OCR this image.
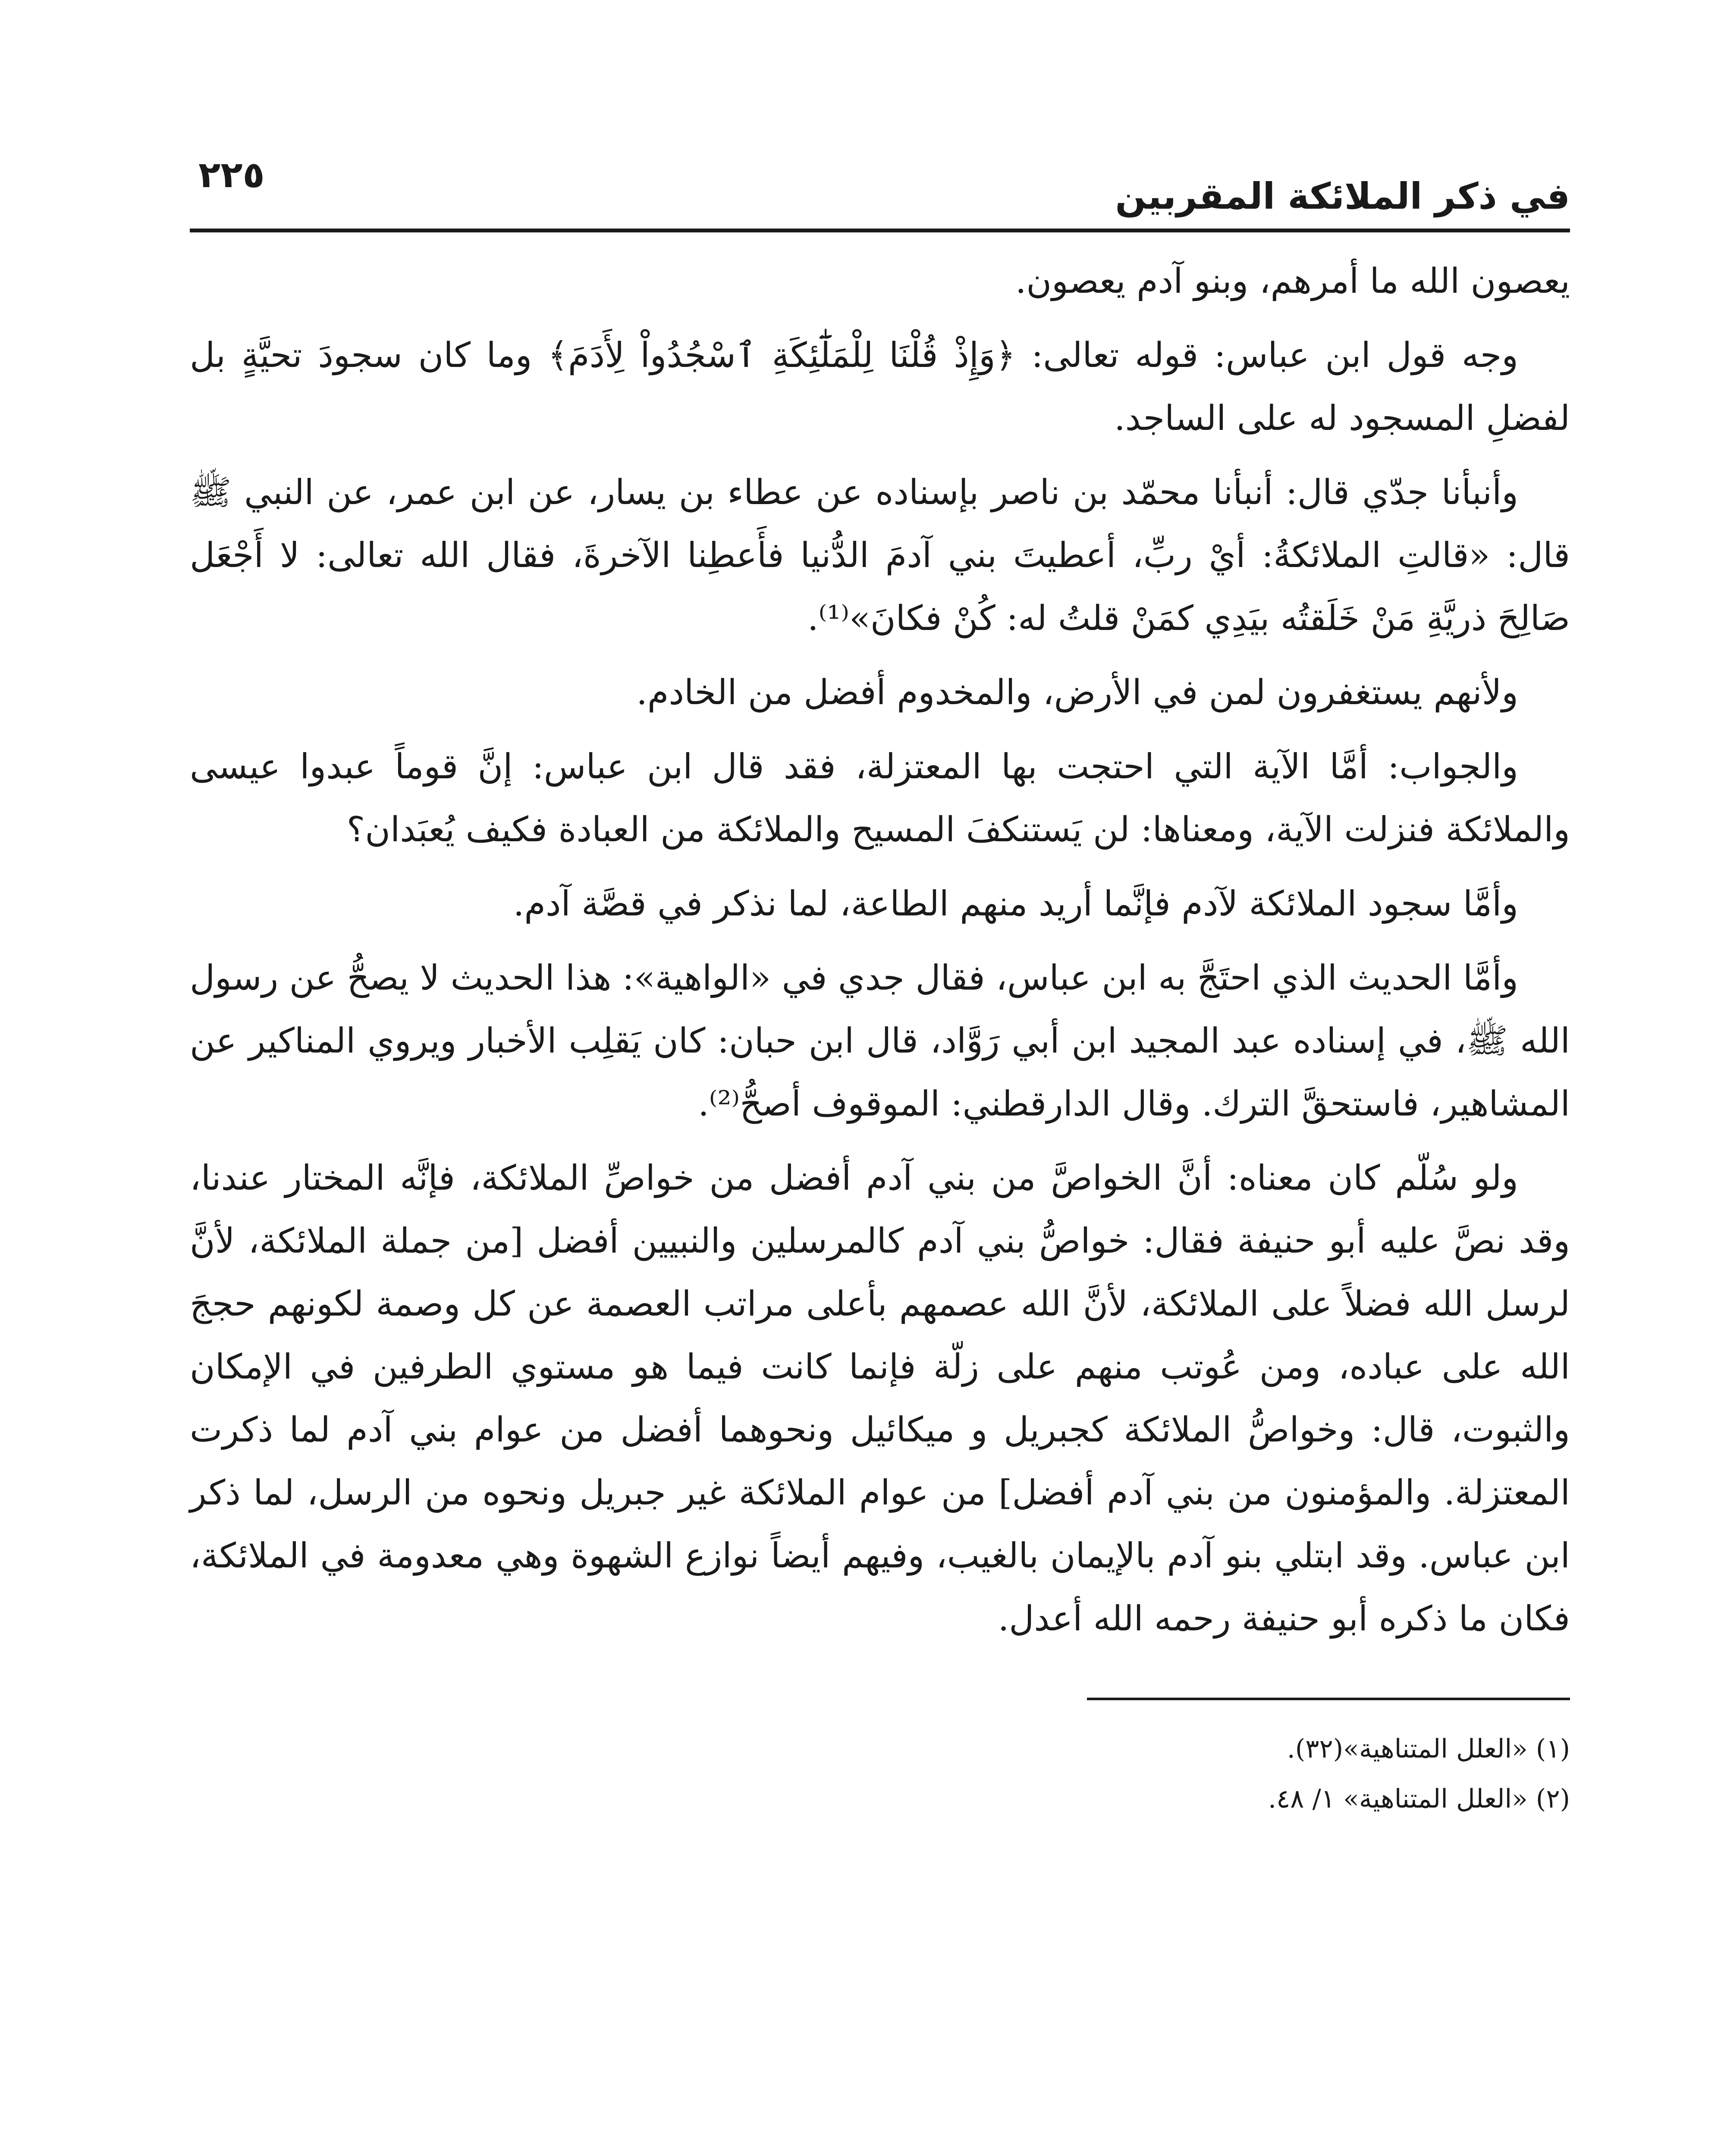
في ذكر الملائكة المقربين
٢٢٥

يعصون الله ما أمرهم، وبنو آدم يعصون.

وجه قول ابن عباس: قوله تعالى: ﴿وَإِذْ قُلْنَا لِلْمَلَٰٓئِكَةِ ٱسْجُدُواْ لِأَدَمَ﴾ وما كان سجودَ تحيَّةٍ بل لفضلِ المسجود له على الساجد.

وأنبأنا جدّي قال: أنبأنا محمّد بن ناصر بإسناده عن عطاء بن يسار، عن ابن عمر، عن النبي ﷺ قال: «قالتِ الملائكةُ: أيْ ربِّ، أعطيتَ بني آدمَ الدُّنيا فأَعطِنا الآخرةَ، فقال الله تعالى: لا أَجْعَل صَالِحَ ذريَّةِ مَنْ خَلَقتُه بيَدِي كمَنْ قلتُ له: كُنْ فكانَ»⁽¹⁾.

ولأنهم يستغفرون لمن في الأرض، والمخدوم أفضل من الخادم.

والجواب: أمَّا الآية التي احتجت بها المعتزلة، فقد قال ابن عباس: إنَّ قوماً عبدوا عيسى والملائكة فنزلت الآية، ومعناها: لن يَستنكفَ المسيح والملائكة من العبادة فكيف يُعبَدان؟

وأمَّا سجود الملائكة لآدم فإنَّما أريد منهم الطاعة، لما نذكر في قصَّة آدم.

وأمَّا الحديث الذي احتَجَّ به ابن عباس، فقال جدي في «الواهية»: هذا الحديث لا يصحُّ عن رسول الله ﷺ، في إسناده عبد المجيد ابن أبي رَوَّاد، قال ابن حبان: كان يَقلِب الأخبار ويروي المناكير عن المشاهير، فاستحقَّ الترك. وقال الدارقطني: الموقوف أصحُّ⁽²⁾.

ولو سُلّم كان معناه: أنَّ الخواصَّ من بني آدم أفضل من خواصِّ الملائكة، فإنَّه المختار عندنا، وقد نصَّ عليه أبو حنيفة فقال: خواصُّ بني آدم كالمرسلين والنبيين أفضل [من جملة الملائكة، لأنَّ لرسل الله فضلاً على الملائكة، لأنَّ الله عصمهم بأعلى مراتب العصمة عن كل وصمة لكونهم حججَ الله على عباده، ومن عُوتب منهم على زلّة فإنما كانت فيما هو مستوي الطرفين في الإمكان والثبوت، قال: وخواصُّ الملائكة كجبريل و ميكائيل ونحوهما أفضل من عوام بني آدم لما ذكرت المعتزلة. والمؤمنون من بني آدم أفضل] من عوام الملائكة غير جبريل ونحوه من الرسل، لما ذكر ابن عباس. وقد ابتلي بنو آدم بالإيمان بالغيب، وفيهم أيضاً نوازع الشهوة وهي معدومة في الملائكة، فكان ما ذكره أبو حنيفة رحمه الله أعدل.

(١) «العلل المتناهية»(٣٢).

(٢) «العلل المتناهية» ١/ ٤٨.
